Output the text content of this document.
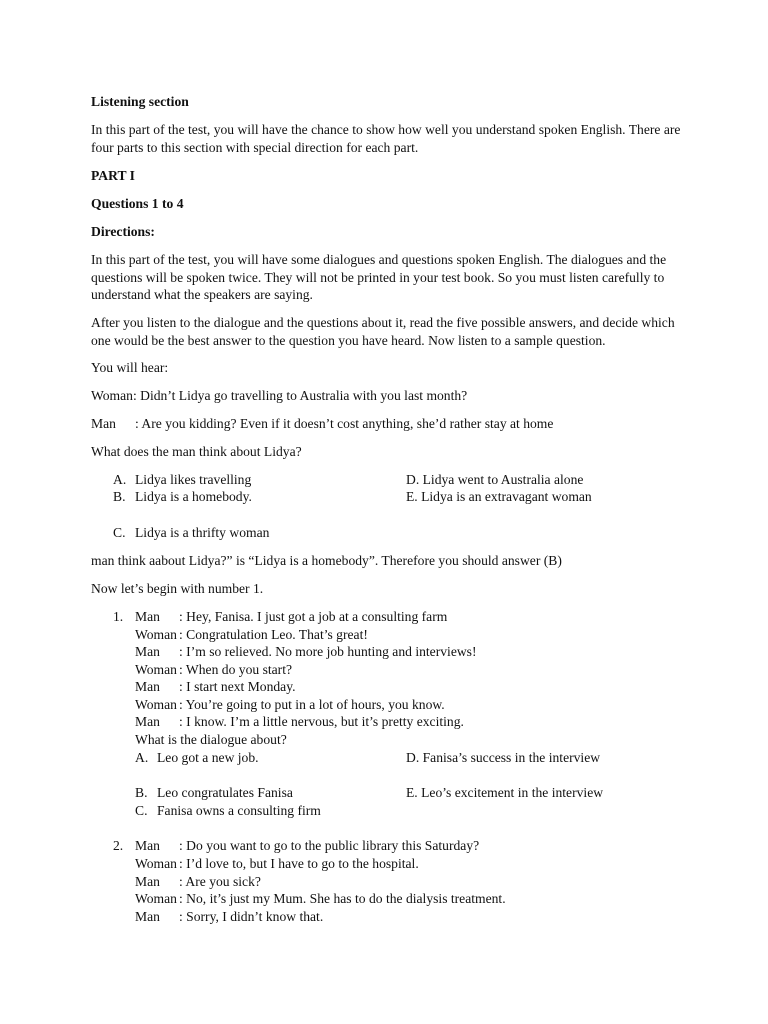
Listening section
In this part of the test, you will have the chance to show how well you understand spoken English. There are four parts to this section with special direction for each part.
PART I
Questions 1 to 4
Directions:
In this part of the test, you will have some dialogues and questions spoken English. The dialogues and the questions will be spoken twice. They will not be printed in your test book. So you must listen carefully to understand what the speakers are saying.
After you listen to the dialogue and the questions about it, read the five possible answers, and decide which one would be the best answer to the question you have heard. Now listen to a sample question.
You will hear:
Woman: Didn’t Lidya go travelling to Australia with you last month?
Man : Are you kidding? Even if it doesn’t cost anything, she’d rather stay at home
What does the man think about Lidya?
A. Lidya likes travelling
B. Lidya is a homebody.
D. Lidya went to Australia alone
E. Lidya is an extravagant woman
C. Lidya is a thrifty woman
man think aabout Lidya?” is “Lidya is a homebody”. Therefore you should answer (B)
Now let’s begin with number 1.
1. Man : Hey, Fanisa. I just got a job at a consulting farm
Woman : Congratulation Leo. That’s great!
Man : I’m so relieved. No more job hunting and interviews!
Woman : When do you start?
Man : I start next Monday.
Woman : You’re going to put in a lot of hours, you know.
Man : I know. I’m a little nervous, but it’s pretty exciting.
What is the dialogue about?
A. Leo got a new job.	D. Fanisa’s success in the interview
B. Leo congratulates Fanisa	E. Leo’s excitement in the interview
C. Fanisa owns a consulting firm
2. Man : Do you want to go to the public library this Saturday?
Woman : I’d love to, but I have to go to the hospital.
Man : Are you sick?
Woman : No, it’s just my Mum. She has to do the dialysis treatment.
Man : Sorry, I didn’t know that.
